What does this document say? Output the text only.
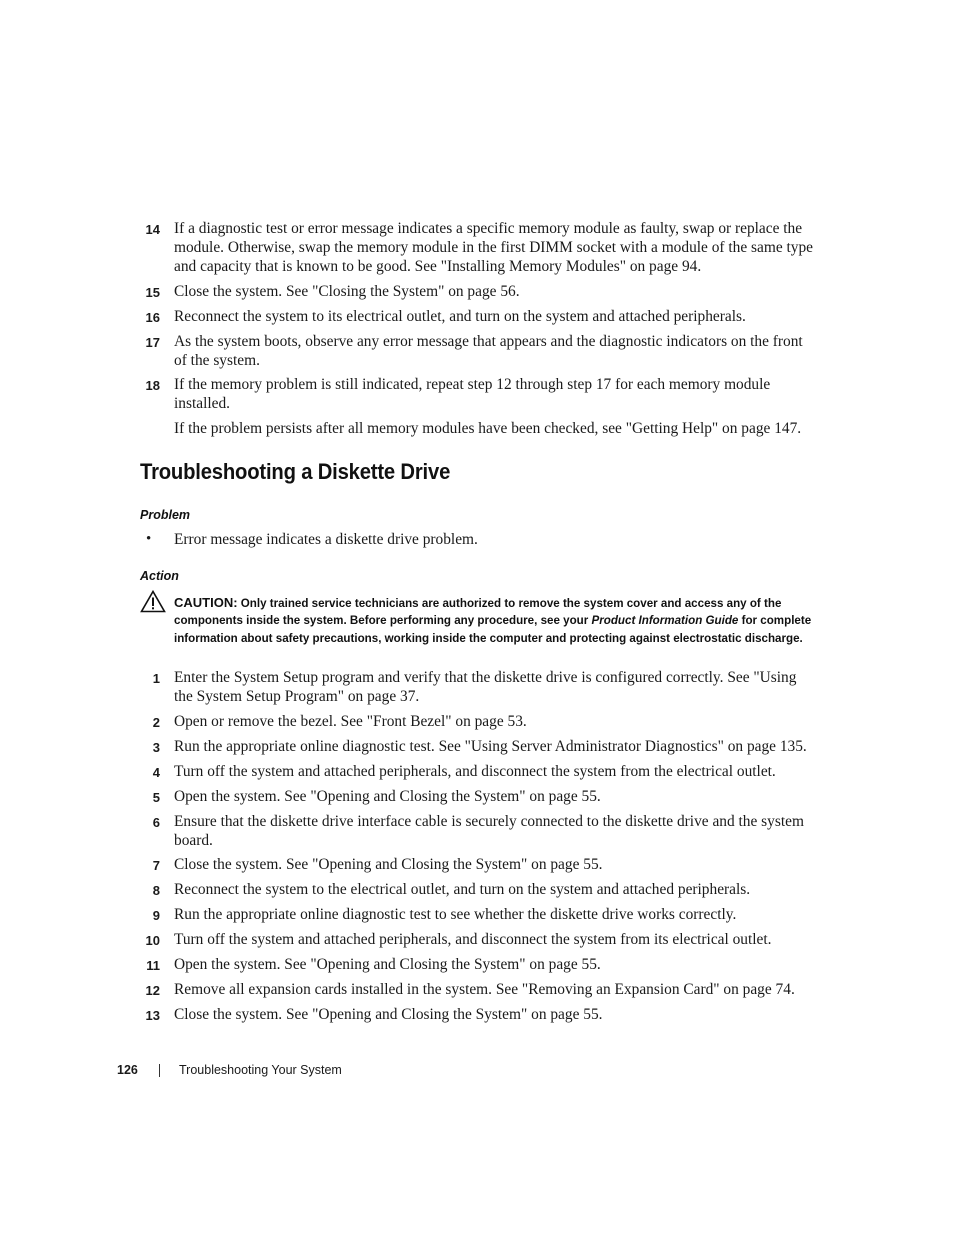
14 If a diagnostic test or error message indicates a specific memory module as faulty, swap or replace the module. Otherwise, swap the memory module in the first DIMM socket with a module of the same type and capacity that is known to be good. See "Installing Memory Modules" on page 94.
15 Close the system. See "Closing the System" on page 56.
16 Reconnect the system to its electrical outlet, and turn on the system and attached peripherals.
17 As the system boots, observe any error message that appears and the diagnostic indicators on the front of the system.
18 If the memory problem is still indicated, repeat step 12 through step 17 for each memory module installed.
If the problem persists after all memory modules have been checked, see "Getting Help" on page 147.
Troubleshooting a Diskette Drive
Problem
• Error message indicates a diskette drive problem.
Action
CAUTION: Only trained service technicians are authorized to remove the system cover and access any of the components inside the system. Before performing any procedure, see your Product Information Guide for complete information about safety precautions, working inside the computer and protecting against electrostatic discharge.
1 Enter the System Setup program and verify that the diskette drive is configured correctly. See "Using the System Setup Program" on page 37.
2 Open or remove the bezel. See "Front Bezel" on page 53.
3 Run the appropriate online diagnostic test. See "Using Server Administrator Diagnostics" on page 135.
4 Turn off the system and attached peripherals, and disconnect the system from the electrical outlet.
5 Open the system. See "Opening and Closing the System" on page 55.
6 Ensure that the diskette drive interface cable is securely connected to the diskette drive and the system board.
7 Close the system. See "Opening and Closing the System" on page 55.
8 Reconnect the system to the electrical outlet, and turn on the system and attached peripherals.
9 Run the appropriate online diagnostic test to see whether the diskette drive works correctly.
10 Turn off the system and attached peripherals, and disconnect the system from its electrical outlet.
11 Open the system. See "Opening and Closing the System" on page 55.
12 Remove all expansion cards installed in the system. See "Removing an Expansion Card" on page 74.
13 Close the system. See "Opening and Closing the System" on page 55.
126	Troubleshooting Your System
